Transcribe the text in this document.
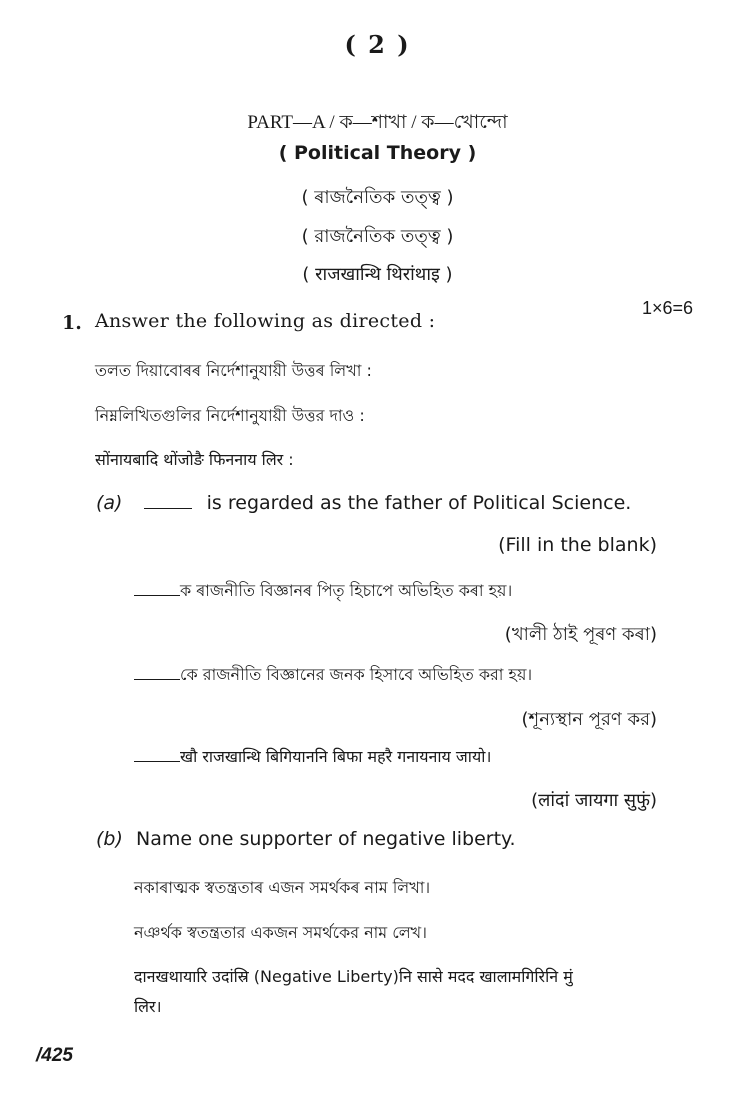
( 2 )
PART—A / ক—শাখা / ক—খোন্দো
( Political Theory )
( ৰাজনৈতিক তত্ত্ব )
( রাজনৈতিক তত্ত্ব )
( राजखान्थि थिरांथाइ )
1×6=6
1. Answer the following as directed :
তলত দিয়াবোৰৰ নিৰ্দেশানুযায়ী উত্তৰ লিখা :
নিম্নলিখিতগুলির নির্দেশানুযায়ী উত্তর দাও :
सोंनायबादि थोंजोङै फिननाय लिर :
(a)	is regarded as the father of Political Science.
(Fill in the blank)
ক ৰাজনীতি বিজ্ঞানৰ পিতৃ হিচাপে অভিহিত কৰা হয়।
(খালী ঠাই পূৰণ কৰা)
কে রাজনীতি বিজ্ঞানের জনক হিসাবে অভিহিত করা হয়।
(শূন্যস্থান পূরণ কর)
खौ राजखान्थि बिगियाननि बिफा महरै गनायनाय जायो।
(लांदां जायगा सुफुं)
(b) Name one supporter of negative liberty.
নকাৰাত্মক স্বতন্ত্ৰতাৰ এজন সমৰ্থকৰ নাম লিখা।
নঞর্থক স্বতন্ত্রতার একজন সমর্থকের নাম লেখ।
दानखथायारि उदांस्रि (Negative Liberty)नि सासे मदद खालामगिरिनि मुं
लिर।
/425
